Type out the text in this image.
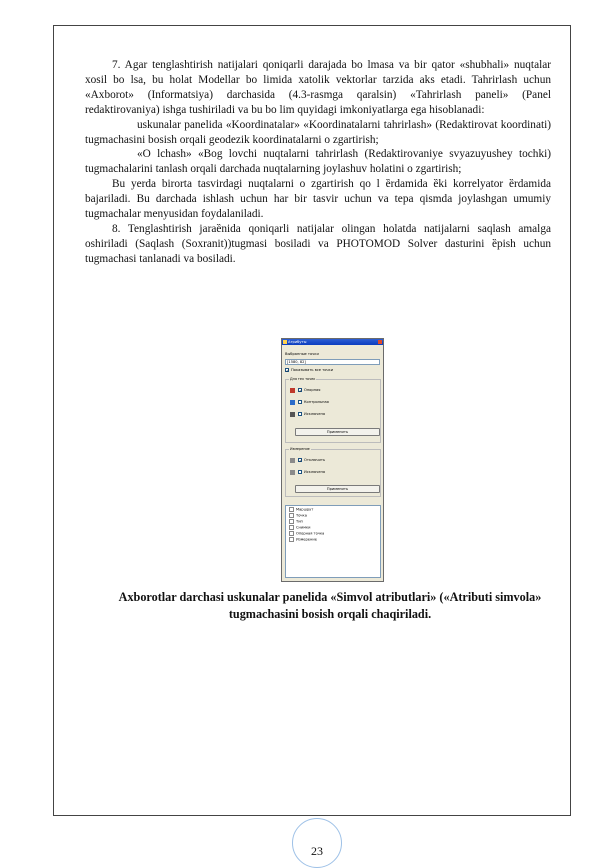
7. Agar tenglashtirish natijalari qoniqarli darajada bo lmasa va bir qator «shubhali» nuqtalar xosil bo lsa, bu holat Modellar bo limida xatolik vektorlar tarzida aks etadi. Tahrirlash uchun «Axborot» (Informatsiya) darchasida (4.3-rasmga qaralsin) «Tahrirlash paneli» (Panel redaktirovaniya) ishga tushiriladi va bu bo lim quyidagi imkoniyatlarga ega hisoblanadi:

uskunalar panelida «Koordinatalar» «Koordinatalarni tahrirlash» (Redaktirovat koordinati) tugmachasini bosish orqali geodezik koordinatalarni o zgartirish;

«O lchash» «Bog lovchi nuqtalarni tahrirlash (Redaktirovaniye svyazuyushey tochki) tugmachalarini tanlash orqali darchada nuqtalarning joylashuv holatini o zgartirish;

Bu yerda birorta tasvirdagi nuqtalarni o zgartirish qo l ȅrdamida ȅki korrelyator ȅrdamida bajariladi. Bu darchada ishlash uchun har bir tasvir uchun va tepa qismda joylashgan umumiy tugmachalar menyusidan foydalaniladi.

8. Tenglashtirish jaraȅnida qoniqarli natijalar olingan holatda natijalarni saqlash amalga oshiriladi (Saqlash (Soxranit))tugmasi bosiladi va PHOTOMOD Solver dasturini ȅpish uchun tugmachasi tanlanadi va bosiladi.

Атрибуты
Выбранные точки
[1580, 82]
✓ Показывать все точки
Для тех точек
✓ Опорная
Контрольная
Исключена
Применить
Измерение
✓ Отключить
Исключена
Применить
Маршрут
Точка
Тип
Снимки
Опорная точка
Измерение
Axborotlar darchasi uskunalar panelida «Simvol atributlari» («Atributi simvola» tugmachasini bosish orqali chaqiriladi.
23
